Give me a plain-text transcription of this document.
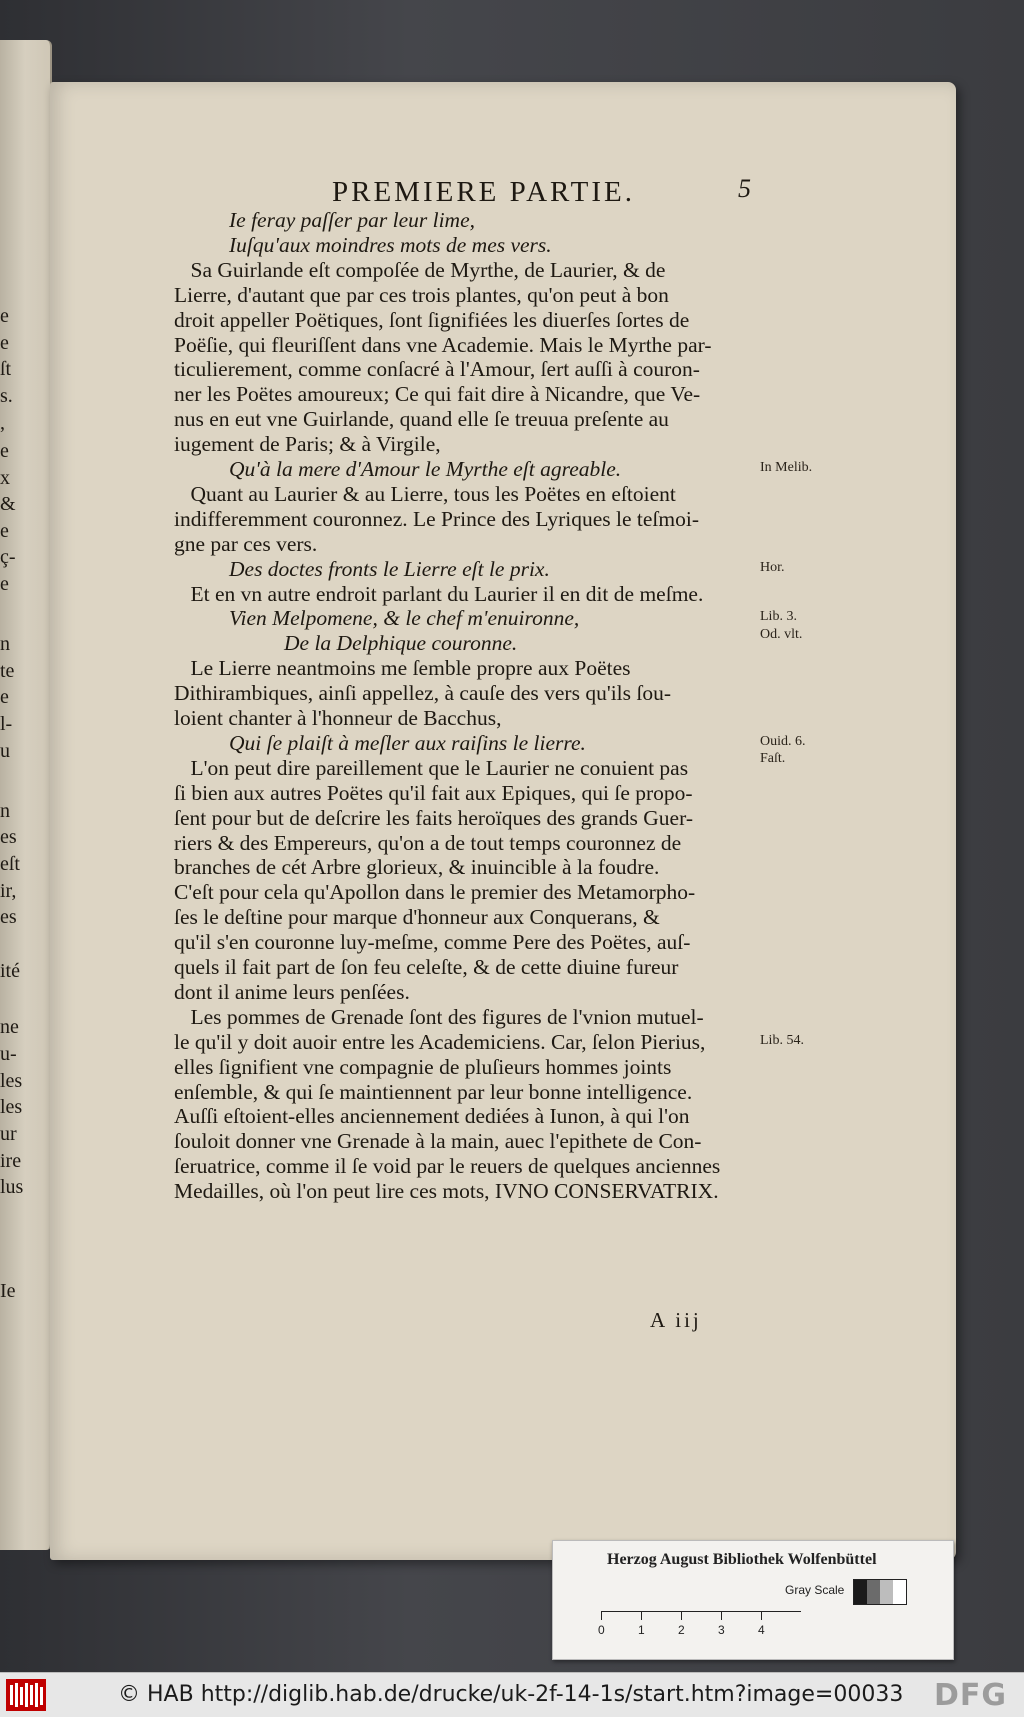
e
e
ſt
s.
,
e
x
&
e
ç-
e
n
te
e
l-
u
n
es
eſt
ir,
es
ité
ne
u-
les
les
ur
ire
lus
Ie
PREMIERE PARTIE.	5
A iij
Ie feray paſſer par leur lime,
Iuſqu'aux moindres mots de mes vers.
Sa Guirlande eſt compoſée de Myrthe, de Laurier, & de
Lierre, d'autant que par ces trois plantes, qu'on peut à bon
droit appeller Poëtiques, ſont ſignifiées les diuerſes ſortes de
Poëſie, qui fleuriſſent dans vne Academie. Mais le Myrthe par-
ticulierement, comme conſacré à l'Amour, ſert auſſi à couron-
ner les Poëtes amoureux; Ce qui fait dire à Nicandre, que Ve-
nus en eut vne Guirlande, quand elle ſe treuua preſente au
iugement de Paris; & à Virgile,
Qu'à la mere d'Amour le Myrthe eſt agreable.
Quant au Laurier & au Lierre, tous les Poëtes en eſtoient
indifferemment couronnez. Le Prince des Lyriques le teſmoi-
gne par ces vers.
Des doctes fronts le Lierre eſt le prix.
Et en vn autre endroit parlant du Laurier il en dit de meſme.
Vien Melpomene, & le chef m'enuironne,
De la Delphique couronne.
Le Lierre neantmoins me ſemble propre aux Poëtes
Dithirambiques, ainſi appellez, à cauſe des vers qu'ils ſou-
loient chanter à l'honneur de Bacchus,
Qui ſe plaiſt à meſler aux raiſins le lierre.
L'on peut dire pareillement que le Laurier ne conuient pas
ſi bien aux autres Poëtes qu'il fait aux Epiques, qui ſe propo-
ſent pour but de deſcrire les faits heroïques des grands Guer-
riers & des Empereurs, qu'on a de tout temps couronnez de
branches de cét Arbre glorieux, & inuincible à la foudre.
C'eſt pour cela qu'Apollon dans le premier des Metamorpho-
ſes le deſtine pour marque d'honneur aux Conquerans, &
qu'il s'en couronne luy-meſme, comme Pere des Poëtes, auſ-
quels il fait part de ſon feu celeſte, & de cette diuine fureur
dont il anime leurs penſées.
Les pommes de Grenade ſont des figures de l'vnion mutuel-
le qu'il y doit auoir entre les Academiciens. Car, ſelon Pierius,
elles ſignifient vne compagnie de pluſieurs hommes joints
enſemble, & qui ſe maintiennent par leur bonne intelligence.
Auſſi eſtoient-elles anciennement dediées à Iunon, à qui l'on
ſouloit donner vne Grenade à la main, auec l'epithete de Con-
ſeruatrice, comme il ſe void par le reuers de quelques anciennes
Medailles, où l'on peut lire ces mots, IVNO CONSERVATRIX.
In Melib.
Hor.
Lib. 3.
Od. vlt.
Ouid. 6.
Faſt.
Lib. 54.
Herzog August Bibliothek Wolfenbüttel
Gray Scale
0	1	2	3	4
© HAB http://diglib.hab.de/drucke/uk-2f-14-1s/start.htm?image=00033 DFG
